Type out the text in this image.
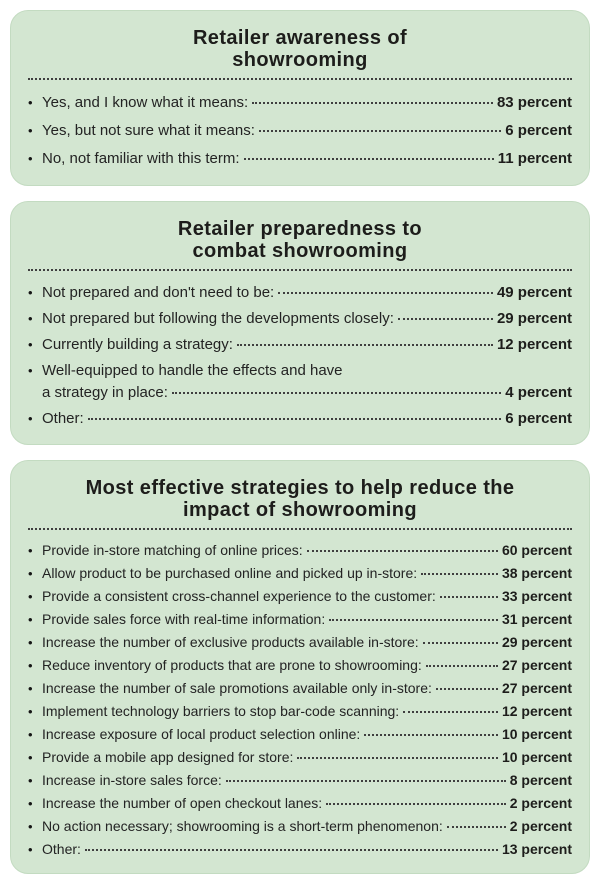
Retailer awareness of
showrooming
• Yes, and I know what it means:	83 percent
• Yes, but not sure what it means:	6 percent
• No, not familiar with this term:	11 percent
Retailer preparedness to
combat showrooming
• Not prepared and don't need to be:	49 percent
• Not prepared but following the developments closely:	29 percent
• Currently building a strategy:	12 percent
• Well-equipped to handle the effects and have
a strategy in place:	4 percent
• Other:	6 percent
Most effective strategies to help reduce the
impact of showrooming
• Provide in-store matching of online prices:	60 percent
• Allow product to be purchased online and picked up in-store:	38 percent
• Provide a consistent cross-channel experience to the customer:	33 percent
• Provide sales force with real-time information:	31 percent
• Increase the number of exclusive products available in-store:	29 percent
• Reduce inventory of products that are prone to showrooming:	27 percent
• Increase the number of sale promotions available only in-store:	27 percent
• Implement technology barriers to stop bar-code scanning:	12 percent
• Increase exposure of local product selection online:	10 percent
• Provide a mobile app designed for store:	10 percent
• Increase in-store sales force:	8 percent
• Increase the number of open checkout lanes:	2 percent
• No action necessary; showrooming is a short-term phenomenon:	2 percent
• Other:	13 percent
